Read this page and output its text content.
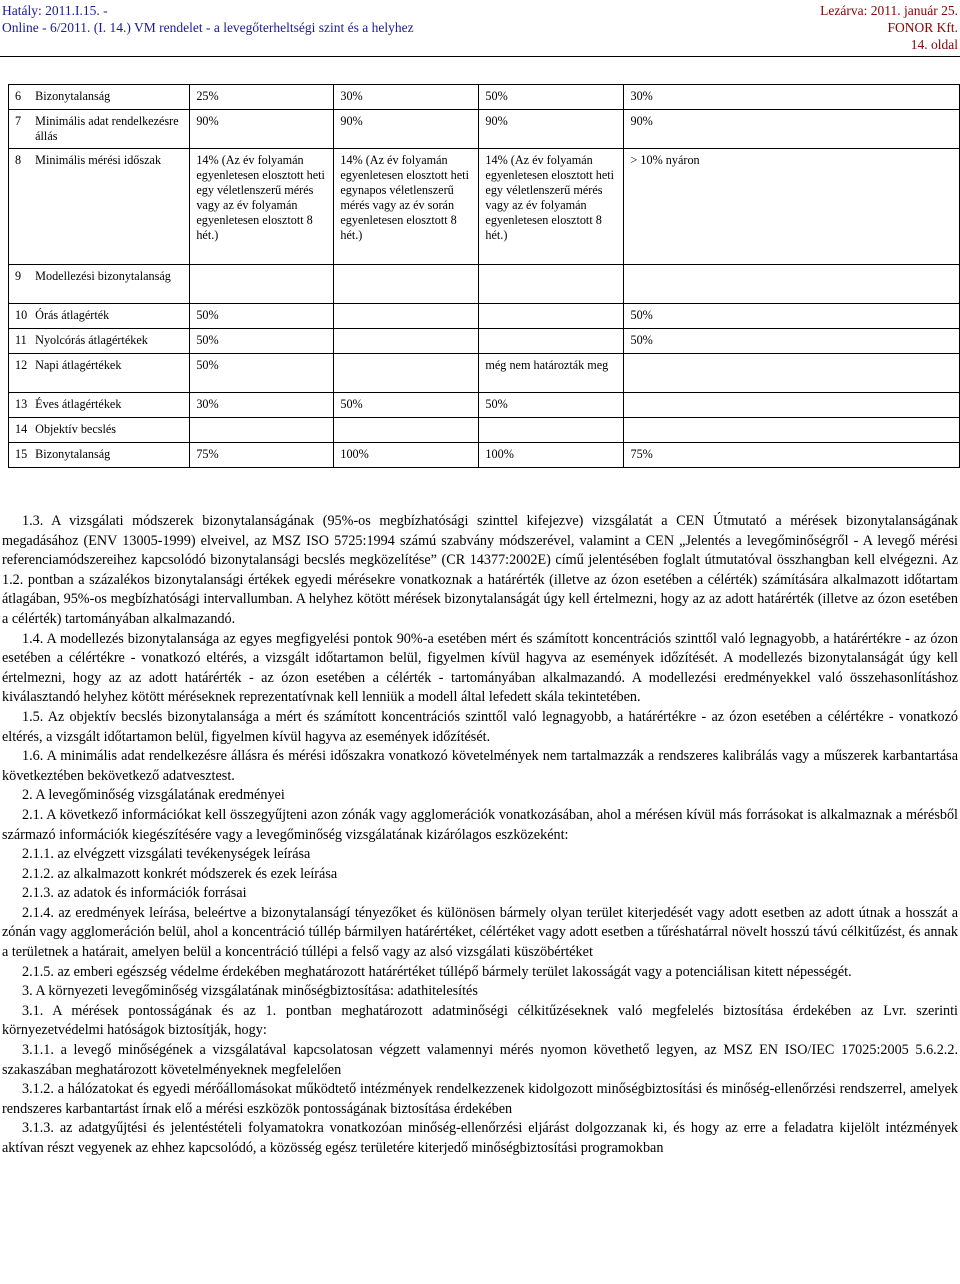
Hatály: 2011.I.15. -
Online - 6/2011. (I. 14.) VM rendelet - a levegőterheltségi szint és a helyhez
Lezárva: 2011. január 25.
FONOR Kft.
14. oldal
6	Bizonytalanság	25%	30%	50%	30%
7	Minimális adat rendelkezésre állás	90%	90%	90%	90%
8	Minimális mérési időszak	14% (Az év folyamán egyenletesen elosztott heti egy véletlenszerű mérés vagy az év folyamán egyenletesen elosztott 8 hét.)	14% (Az év folyamán egyenletesen elosztott heti egynapos véletlenszerű mérés vagy az év során egyenletesen elosztott 8 hét.)	14% (Az év folyamán egyenletesen elosztott heti egy véletlenszerű mérés vagy az év folyamán egyenletesen elosztott 8 hét.)	> 10% nyáron
9	Modellezési bizonytalanság				
10	Órás átlagérték	50%			50%
11	Nyolcórás átlagértékek	50%			50%
12	Napi átlagértékek	50%		még nem határozták meg	
13	Éves átlagértékek	30%	50%	50%	
14	Objektív becslés				
15	Bizonytalanság	75%	100%	100%	75%

1.3. A vizsgálati módszerek bizonytalanságának (95%-os megbízhatósági szinttel kifejezve) vizsgálatát a CEN Útmutató a mérések bizonytalanságának megadásához (ENV 13005-1999) elveivel, az MSZ ISO 5725:1994 számú szabvány módszerével, valamint a CEN „Jelentés a levegőminőségről - A levegő mérési referenciamódszereihez kapcsolódó bizonytalansági becslés megközelítése” (CR 14377:2002E) című jelentésében foglalt útmutatóval összhangban kell elvégezni. Az 1.2. pontban a százalékos bizonytalansági értékek egyedi mérésekre vonatkoznak a határérték (illetve az ózon esetében a célérték) számítására alkalmazott időtartam átlagában, 95%-os megbízhatósági intervallumban. A helyhez kötött mérések bizonytalanságát úgy kell értelmezni, hogy az az adott határérték (illetve az ózon esetében a célérték) tartományában alkalmazandó.

1.4. A modellezés bizonytalansága az egyes megfigyelési pontok 90%-a esetében mért és számított koncentrációs szinttől való legnagyobb, a határértékre - az ózon esetében a célértékre - vonatkozó eltérés, a vizsgált időtartamon belül, figyelmen kívül hagyva az események időzítését. A modellezés bizonytalanságát úgy kell értelmezni, hogy az az adott határérték - az ózon esetében a célérték - tartományában alkalmazandó. A modellezési eredményekkel való összehasonlításhoz kiválasztandó helyhez kötött méréseknek reprezentatívnak kell lenniük a modell által lefedett skála tekintetében.

1.5. Az objektív becslés bizonytalansága a mért és számított koncentrációs szinttől való legnagyobb, a határértékre - az ózon esetében a célértékre - vonatkozó eltérés, a vizsgált időtartamon belül, figyelmen kívül hagyva az események időzítését.

1.6. A minimális adat rendelkezésre állásra és mérési időszakra vonatkozó követelmények nem tartalmazzák a rendszeres kalibrálás vagy a műszerek karbantartása következtében bekövetkező adatvesztest.

2. A levegőminőség vizsgálatának eredményei

2.1. A következő információkat kell összegyűjteni azon zónák vagy agglomerációk vonatkozásában, ahol a mérésen kívül más forrásokat is alkalmaznak a mérésből származó információk kiegészítésére vagy a levegőminőség vizsgálatának kizárólagos eszközeként:

2.1.1. az elvégzett vizsgálati tevékenységek leírása

2.1.2. az alkalmazott konkrét módszerek és ezek leírása

2.1.3. az adatok és információk forrásai

2.1.4. az eredmények leírása, beleértve a bizonytalanságí tényezőket és különösen bármely olyan terület kiterjedését vagy adott esetben az adott útnak a hosszát a zónán vagy agglomeráción belül, ahol a koncentráció túllép bármilyen határértéket, célértéket vagy adott esetben a tűréshatárral növelt hosszú távú célkitűzést, és annak a területnek a határait, amelyen belül a koncentráció túllépi a felső vagy az alsó vizsgálati küszöbértéket

2.1.5. az emberi egészség védelme érdekében meghatározott határértéket túllépő bármely terület lakosságát vagy a potenciálisan kitett népességét.

3. A környezeti levegőminőség vizsgálatának minőségbiztosítása: adathitelesítés

3.1. A mérések pontosságának és az 1. pontban meghatározott adatminőségi célkitűzéseknek való megfelelés biztosítása érdekében az Lvr. szerinti környezetvédelmi hatóságok biztosítják, hogy:

3.1.1. a levegő minőségének a vizsgálatával kapcsolatosan végzett valamennyi mérés nyomon követhető legyen, az MSZ EN ISO/IEC 17025:2005 5.6.2.2. szakaszában meghatározott követelményeknek megfelelően

3.1.2. a hálózatokat és egyedi mérőállomásokat működtető intézmények rendelkezzenek kidolgozott minőségbiztosítási és minőség-ellenőrzési rendszerrel, amelyek rendszeres karbantartást írnak elő a mérési eszközök pontosságának biztosítása érdekében

3.1.3. az adatgyűjtési és jelentéstételi folyamatokra vonatkozóan minőség-ellenőrzési eljárást dolgozzanak ki, és hogy az erre a feladatra kijelölt intézmények aktívan részt vegyenek az ehhez kapcsolódó, a közösség egész területére kiterjedő minőségbiztosítási programokban
